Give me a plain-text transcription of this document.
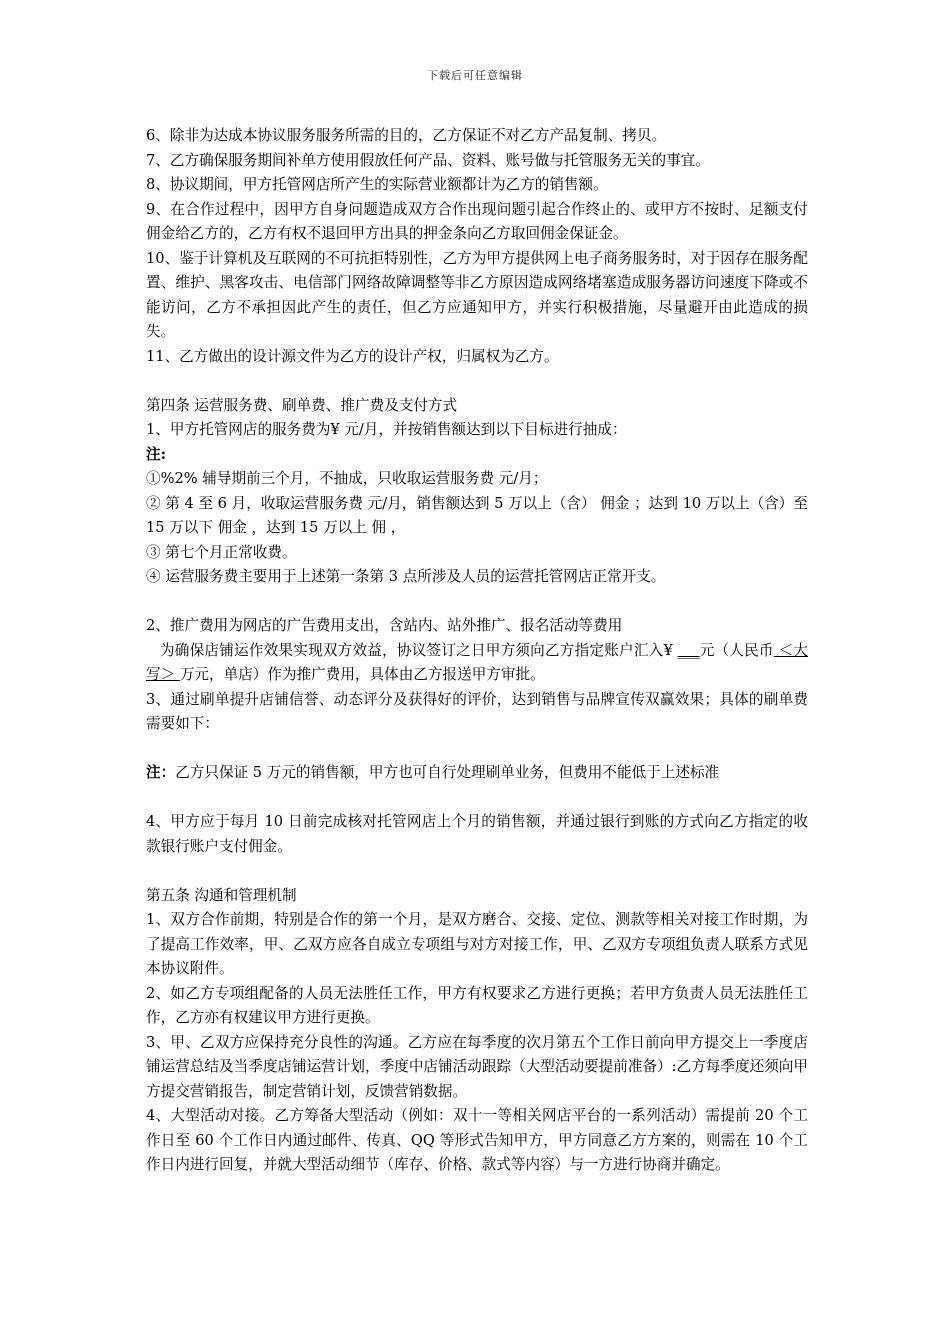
下载后可任意编辑

6、除非为达成本协议服务服务所需的目的，乙方保证不对乙方产品复制、拷贝。

7、乙方确保服务期间补单方使用假放任何产品、资料、账号做与托管服务无关的事宜。

8、协议期间，甲方托管网店所产生的实际营业额都计为乙方的销售额。

9、在合作过程中，因甲方自身问题造成双方合作出现问题引起合作终止的、或甲方不按时、足额支付佣金给乙方的，乙方有权不退回甲方出具的押金条向乙方取回佣金保证金。

10、鉴于计算机及互联网的不可抗拒特别性，乙方为甲方提供网上电子商务服务时，对于因存在服务配置、维护、黑客攻击、电信部门网络故障调整等非乙方原因造成网络堵塞造成服务器访问速度下降或不能访问，乙方不承担因此产生的责任，但乙方应通知甲方，并实行积极措施，尽量避开由此造成的损失。

11、乙方做出的设计源文件为乙方的设计产权，归属权为乙方。

第四条 运营服务费、刷单费、推广费及支付方式

1、甲方托管网店的服务费为¥ 元/月，并按销售额达到以下目标进行抽成：

注:

①%2% 辅导期前三个月，不抽成，只收取运营服务费 元/月；

② 第 4 至 6 月，收取运营服务费 元/月，销售额达到 5 万以上（含） 佣金 ；达到 10 万以上（含）至 15 万以下 佣金 ，达到 15 万以上 佣 ，

③ 第七个月正常收费。

④ 运营服务费主要用于上述第一条第 3 点所涉及人员的运营托管网店正常开支。

2、推广费用为网店的广告费用支出，含站内、站外推广、报名活动等费用

为确保店铺运作效果实现双方效益，协议签订之日甲方须向乙方指定账户汇入¥ ___元（人民币 ＜大写＞ 万元，单店）作为推广费用，具体由乙方报送甲方审批。

3、通过刷单提升店铺信誉、动态评分及获得好的评价，达到销售与品牌宣传双赢效果；具体的刷单费需要如下：

注：乙方只保证 5 万元的销售额，甲方也可自行处理刷单业务，但费用不能低于上述标准

4、甲方应于每月 10 日前完成核对托管网店上个月的销售额，并通过银行到账的方式向乙方指定的收款银行账户支付佣金。

第五条 沟通和管理机制

1、双方合作前期，特别是合作的第一个月，是双方磨合、交接、定位、测款等相关对接工作时期，为了提高工作效率，甲、乙双方应各自成立专项组与对方对接工作，甲、乙双方专项组负责人联系方式见本协议附件。

2、如乙方专项组配备的人员无法胜任工作，甲方有权要求乙方进行更换；若甲方负责人员无法胜任工作，乙方亦有权建议甲方进行更换。

3、甲、乙双方应保持充分良性的沟通。乙方应在每季度的次月第五个工作日前向甲方提交上一季度店铺运营总结及当季度店铺运营计划，季度中店铺活动跟踪（大型活动要提前准备）:乙方每季度还须向甲方提交营销报告，制定营销计划，反馈营销数据。

4、大型活动对接。乙方筹备大型活动（例如：双十一等相关网店平台的一系列活动）需提前 20 个工作日至 60 个工作日内通过邮件、传真、QQ 等形式告知甲方，甲方同意乙方方案的，则需在 10 个工作日内进行回复，并就大型活动细节（库存、价格、款式等内容）与一方进行协商并确定。
